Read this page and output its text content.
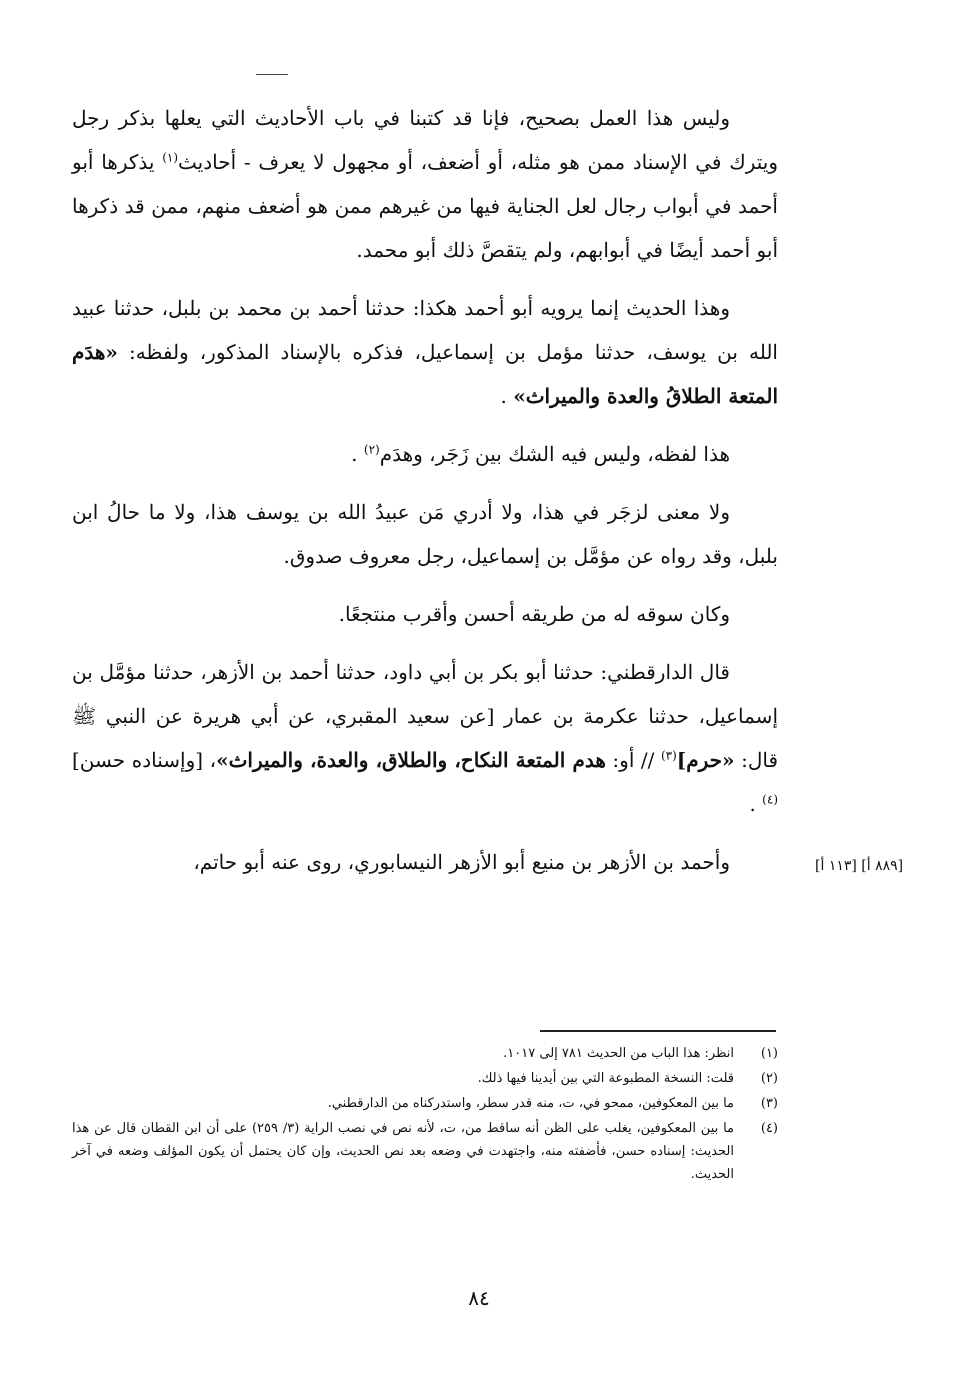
وليس هذا العمل بصحيح، فإنا قد كتبنا في باب الأحاديث التي يعلها بذكر رجل ويترك في الإسناد ممن هو مثله، أو أضعف، أو مجهول لا يعرف - أحاديث$^{(١)}$ يذكرها أبو أحمد في أبواب رجال لعل الجناية فيها من غيرهم ممن هو أضعف منهم، ممن قد ذكرها أبو أحمد أيضًا في أبوابهم، ولم يتقصَّ ذلك أبو محمد.

وهذا الحديث إنما يرويه أبو أحمد هكذا: حدثنا أحمد بن محمد بن بلبل، حدثنا عبيد الله بن يوسف، حدثنا مؤمل بن إسماعيل، فذكره بالإسناد المذكور، ولفظه: «هدَم المتعة الطلاقُ والعدة والميراث» .

هذا لفظه، وليس فيه الشك بين زَجَر، وهدَم$^{(٢)}$ .

ولا معنى لزجَر في هذا، ولا أدري مَن عبيدُ الله بن يوسف هذا، ولا ما حالُ ابن بلبل، وقد رواه عن مؤمَّل بن إسماعيل، رجل معروف صدوق.

وكان سوقه له من طريقه أحسن وأقرب منتجعًا.

قال الدارقطني: حدثنا أبو بكر بن أبي داود، حدثنا أحمد بن الأزهر، حدثنا مؤمَّل بن إسماعيل، حدثنا عكرمة بن عمار [عن سعيد المقبري، عن أبي هريرة عن النبي ﷺ قال: «حرم]$^{(٣)}$ // أو: هدم المتعة النكاح، والطلاق، والعدة، والميراث»، [وإسناده حسن]$^{(٤)}$ .

وأحمد بن الأزهر بن منيع أبو الأزهر النيسابوري، روى عنه أبو حاتم،	[٨٨٩ أ] [١١٣ أ]
(١)
انظر: هذا الباب من الحديث ٧٨١ إلى ١٠١٧.
(٢)
قلت: النسخة المطبوعة التي بين أيدينا فيها ذلك.
(٣)
ما بين المعكوفين، ممحو في، ت، منه قدر سطر، واستدركناه من الدارقطني.
(٤)
ما بين المعكوفين، يغلب على الظن أنه ساقط من، ت، لأنه نص في نصب الراية (٣/ ٢٥٩) على أن ابن القطان قال عن هذا الحديث: إسناده حسن، فأضفته منه، واجتهدت في وضعه بعد نص الحديث، وإن كان يحتمل أن يكون المؤلف وضعه في آخر الحديث.
٨٤
